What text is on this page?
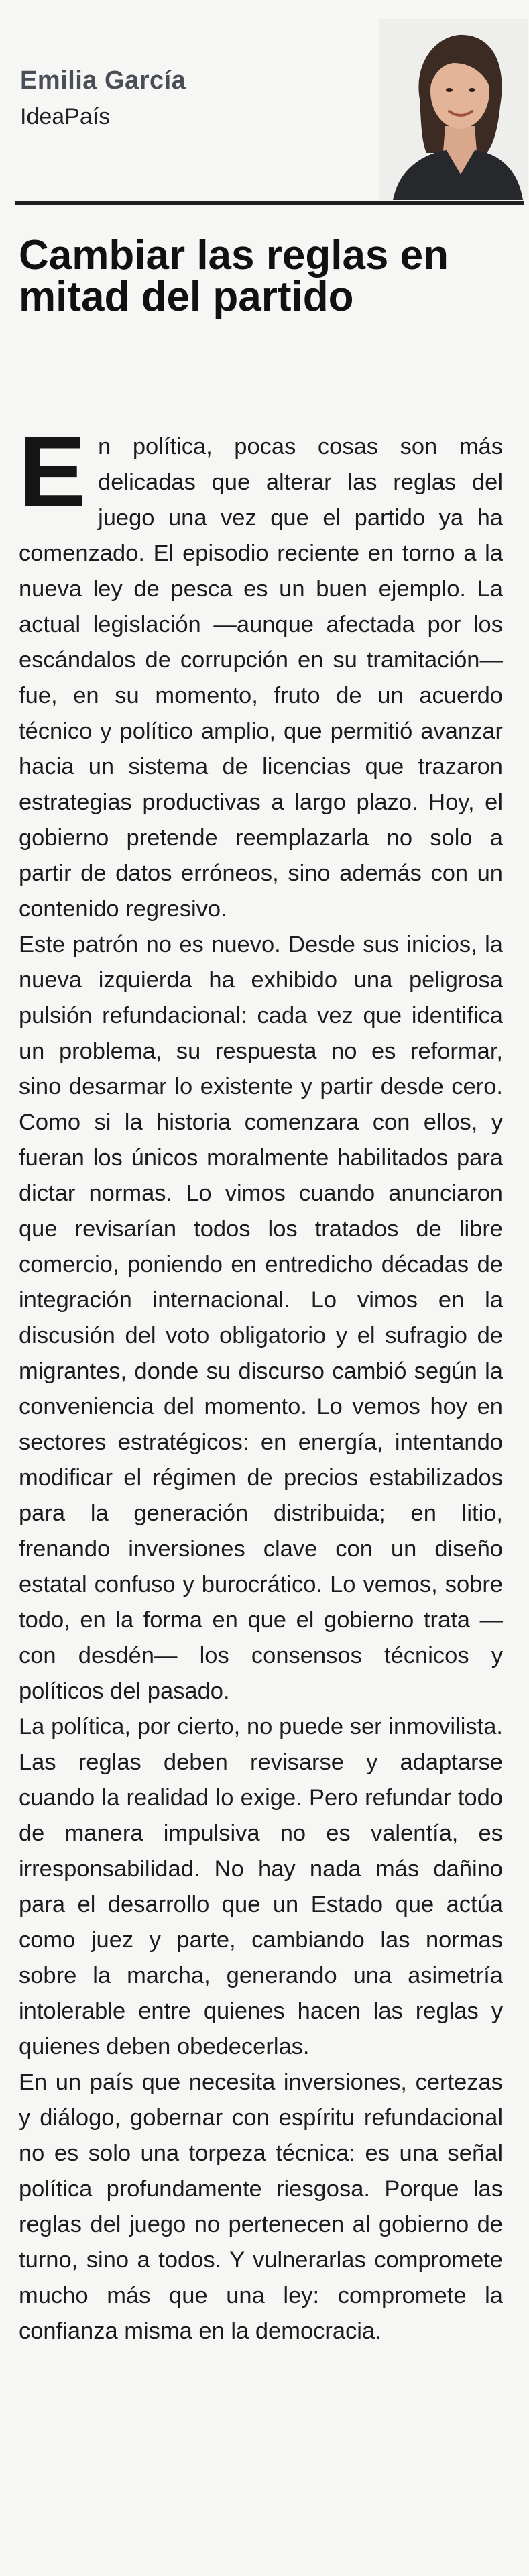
Emilia García

IdeaPaís

Cambiar las reglas en mitad del partido

En política, pocas cosas son más delicadas que alterar las reglas del juego una vez que el partido ya ha comenzado. El episodio reciente en torno a la nueva ley de pesca es un buen ejemplo. La actual legislación —aunque afectada por los escándalos de corrupción en su tramitación— fue, en su momento, fruto de un acuerdo técnico y político amplio, que permitió avanzar hacia un sistema de licencias que trazaron estrategias productivas a largo plazo. Hoy, el gobierno pretende reemplazarla no solo a partir de datos erróneos, sino además con un contenido regresivo.

Este patrón no es nuevo. Desde sus inicios, la nueva izquierda ha exhibido una peligrosa pulsión refundacional: cada vez que identifica un problema, su respuesta no es reformar, sino desarmar lo existente y partir desde cero. Como si la historia comenzara con ellos, y fueran los únicos moralmente habilitados para dictar normas. Lo vimos cuando anunciaron que revisarían todos los tratados de libre comercio, poniendo en entredicho décadas de integración internacional. Lo vimos en la discusión del voto obligatorio y el sufragio de migrantes, donde su discurso cambió según la conveniencia del momento. Lo vemos hoy en sectores estratégicos: en energía, intentando modificar el régimen de precios estabilizados para la generación distribuida; en litio, frenando inversiones clave con un diseño estatal confuso y burocrático. Lo vemos, sobre todo, en la forma en que el gobierno trata —con desdén— los consensos técnicos y políticos del pasado.

La política, por cierto, no puede ser inmovilista. Las reglas deben revisarse y adaptarse cuando la realidad lo exige. Pero refundar todo de manera impulsiva no es valentía, es irresponsabilidad. No hay nada más dañino para el desarrollo que un Estado que actúa como juez y parte, cambiando las normas sobre la marcha, generando una asimetría intolerable entre quienes hacen las reglas y quienes deben obedecerlas.

En un país que necesita inversiones, certezas y diálogo, gobernar con espíritu refundacional no es solo una torpeza técnica: es una señal política profundamente riesgosa. Porque las reglas del juego no pertenecen al gobierno de turno, sino a todos. Y vulnerarlas compromete mucho más que una ley: compromete la confianza misma en la democracia.
